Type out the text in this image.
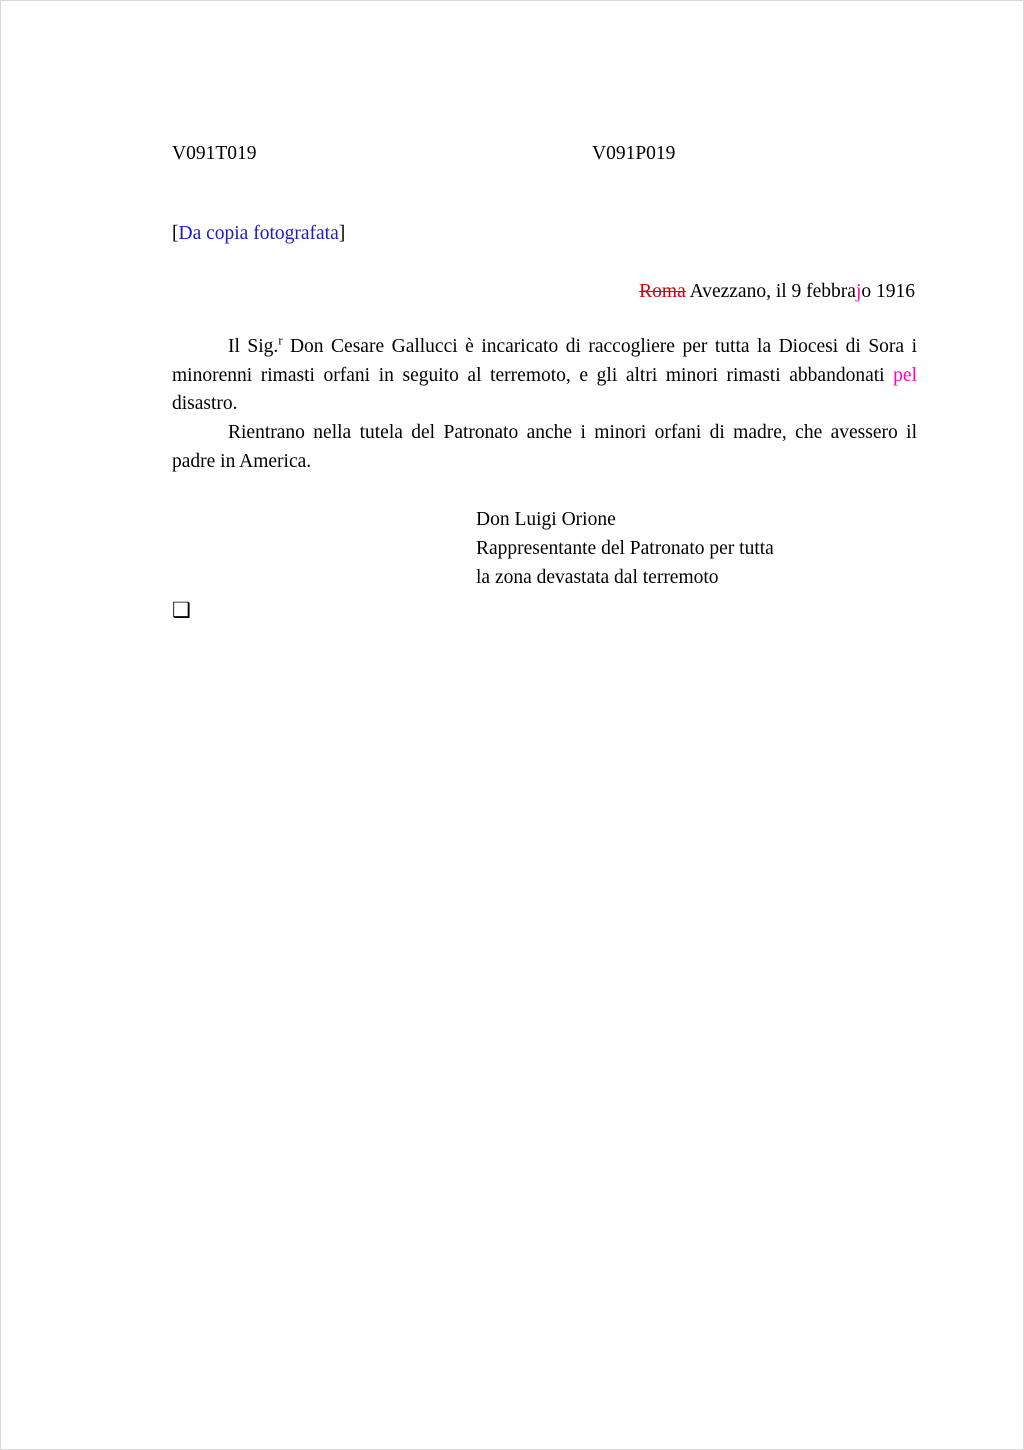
V091T019	V091P019
[Da copia fotografata]
Roma Avezzano, il 9 febbrajo 1916
Il Sig.$^r$ Don Cesare Gallucci è incaricato di raccogliere per tutta la Diocesi di Sora i minorenni rimasti orfani in seguito al terremoto, e gli altri minori rimasti abbandonati pel disastro.
Rientrano nella tutela del Patronato anche i minori orfani di madre, che avessero il padre in America.
Don Luigi Orione
Rappresentante del Patronato per tutta
la zona devastata dal terremoto
❑
